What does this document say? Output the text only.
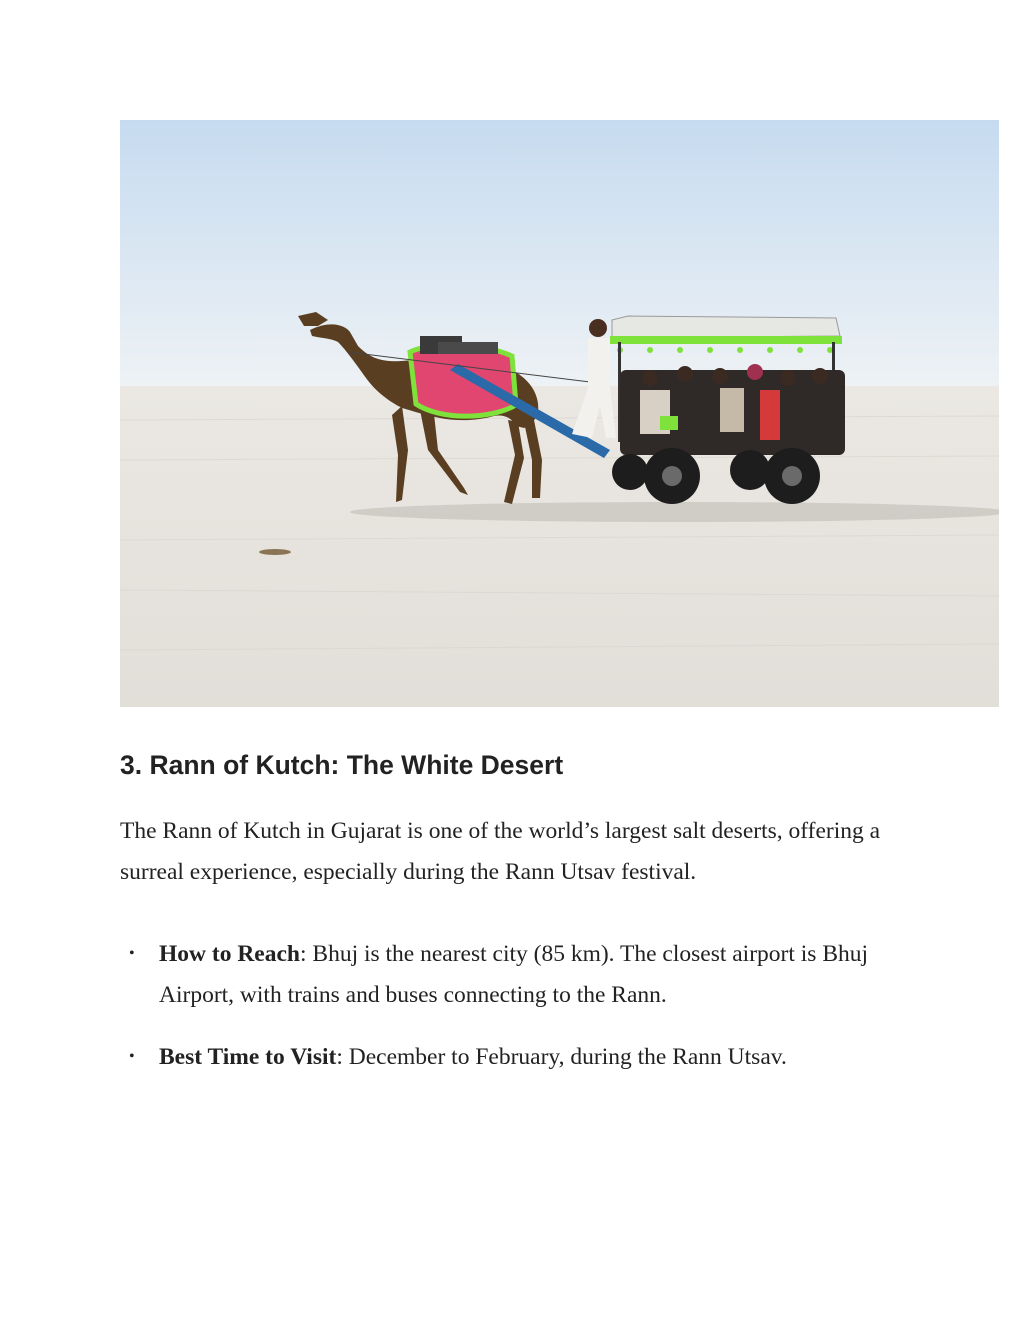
3. Rann of Kutch: The White Desert

The Rann of Kutch in Gujarat is one of the world’s largest salt deserts, offering a surreal experience, especially during the Rann Utsav festival.

• How to Reach: Bhuj is the nearest city (85 km). The closest airport is Bhuj Airport, with trains and buses connecting to the Rann.
• Best Time to Visit: December to February, during the Rann Utsav.
